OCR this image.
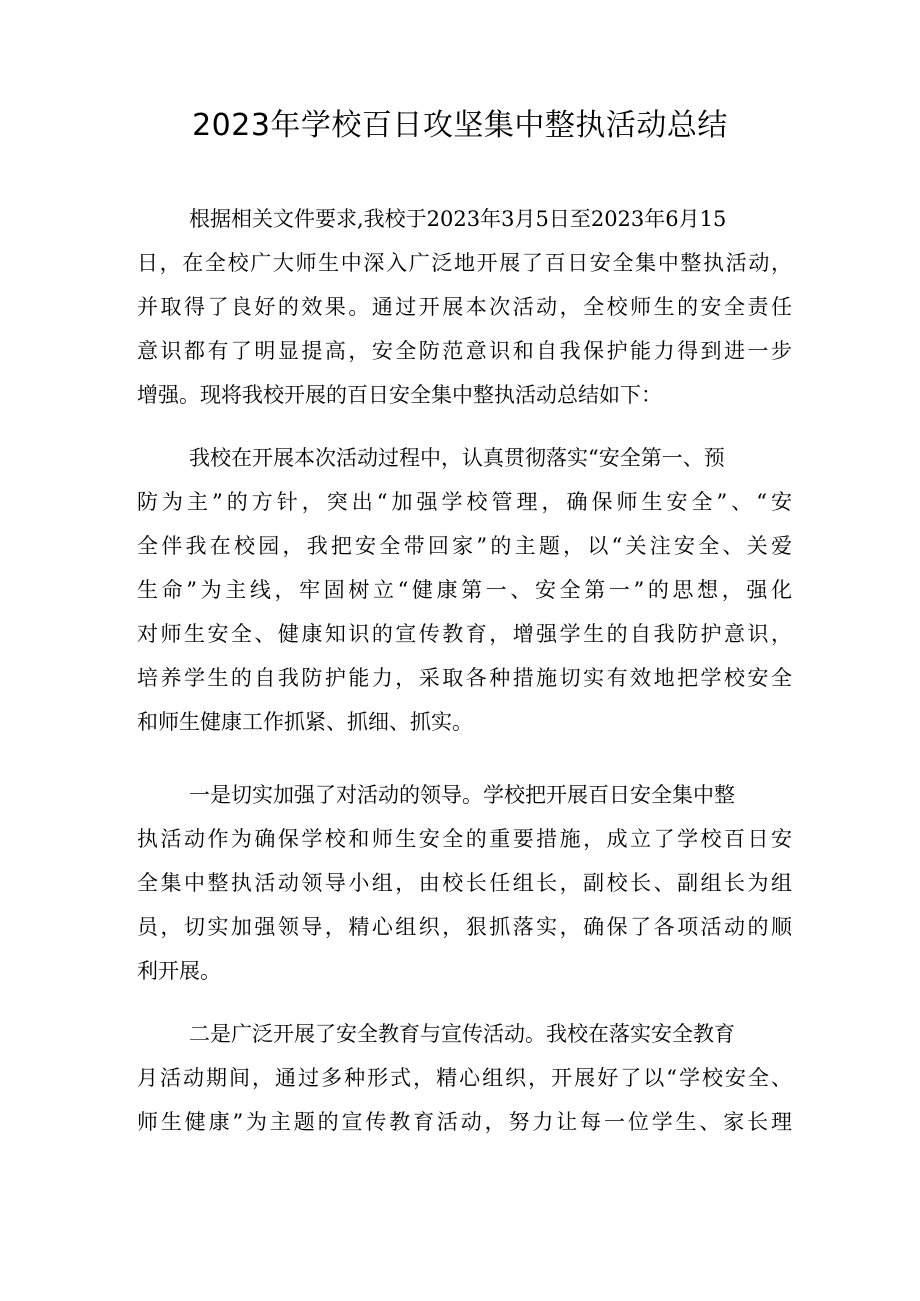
2023年学校百日攻坚集中整执活动总结
根据相关文件要求,我校于2023年3月5日至2023年6月15
日，在全校广大师生中深入广泛地开展了百日安全集中整执活动，
并取得了良好的效果。通过开展本次活动，全校师生的安全责任
意识都有了明显提高，安全防范意识和自我保护能力得到进一步
增强。现将我校开展的百日安全集中整执活动总结如下：
我校在开展本次活动过程中，认真贯彻落实“安全第一、预
防为主”的方针，突出“加强学校管理，确保师生安全”、“安
全伴我在校园，我把安全带回家”的主题，以“关注安全、关爱
生命”为主线，牢固树立“健康第一、安全第一”的思想，强化
对师生安全、健康知识的宣传教育，增强学生的自我防护意识，
培养学生的自我防护能力，采取各种措施切实有效地把学校安全
和师生健康工作抓紧、抓细、抓实。
一是切实加强了对活动的领导。学校把开展百日安全集中整
执活动作为确保学校和师生安全的重要措施，成立了学校百日安
全集中整执活动领导小组，由校长任组长，副校长、副组长为组
员，切实加强领导，精心组织，狠抓落实，确保了各项活动的顺
利开展。
二是广泛开展了安全教育与宣传活动。我校在落实安全教育
月活动期间，通过多种形式，精心组织，开展好了以“学校安全、
师生健康”为主题的宣传教育活动，努力让每一位学生、家长理
